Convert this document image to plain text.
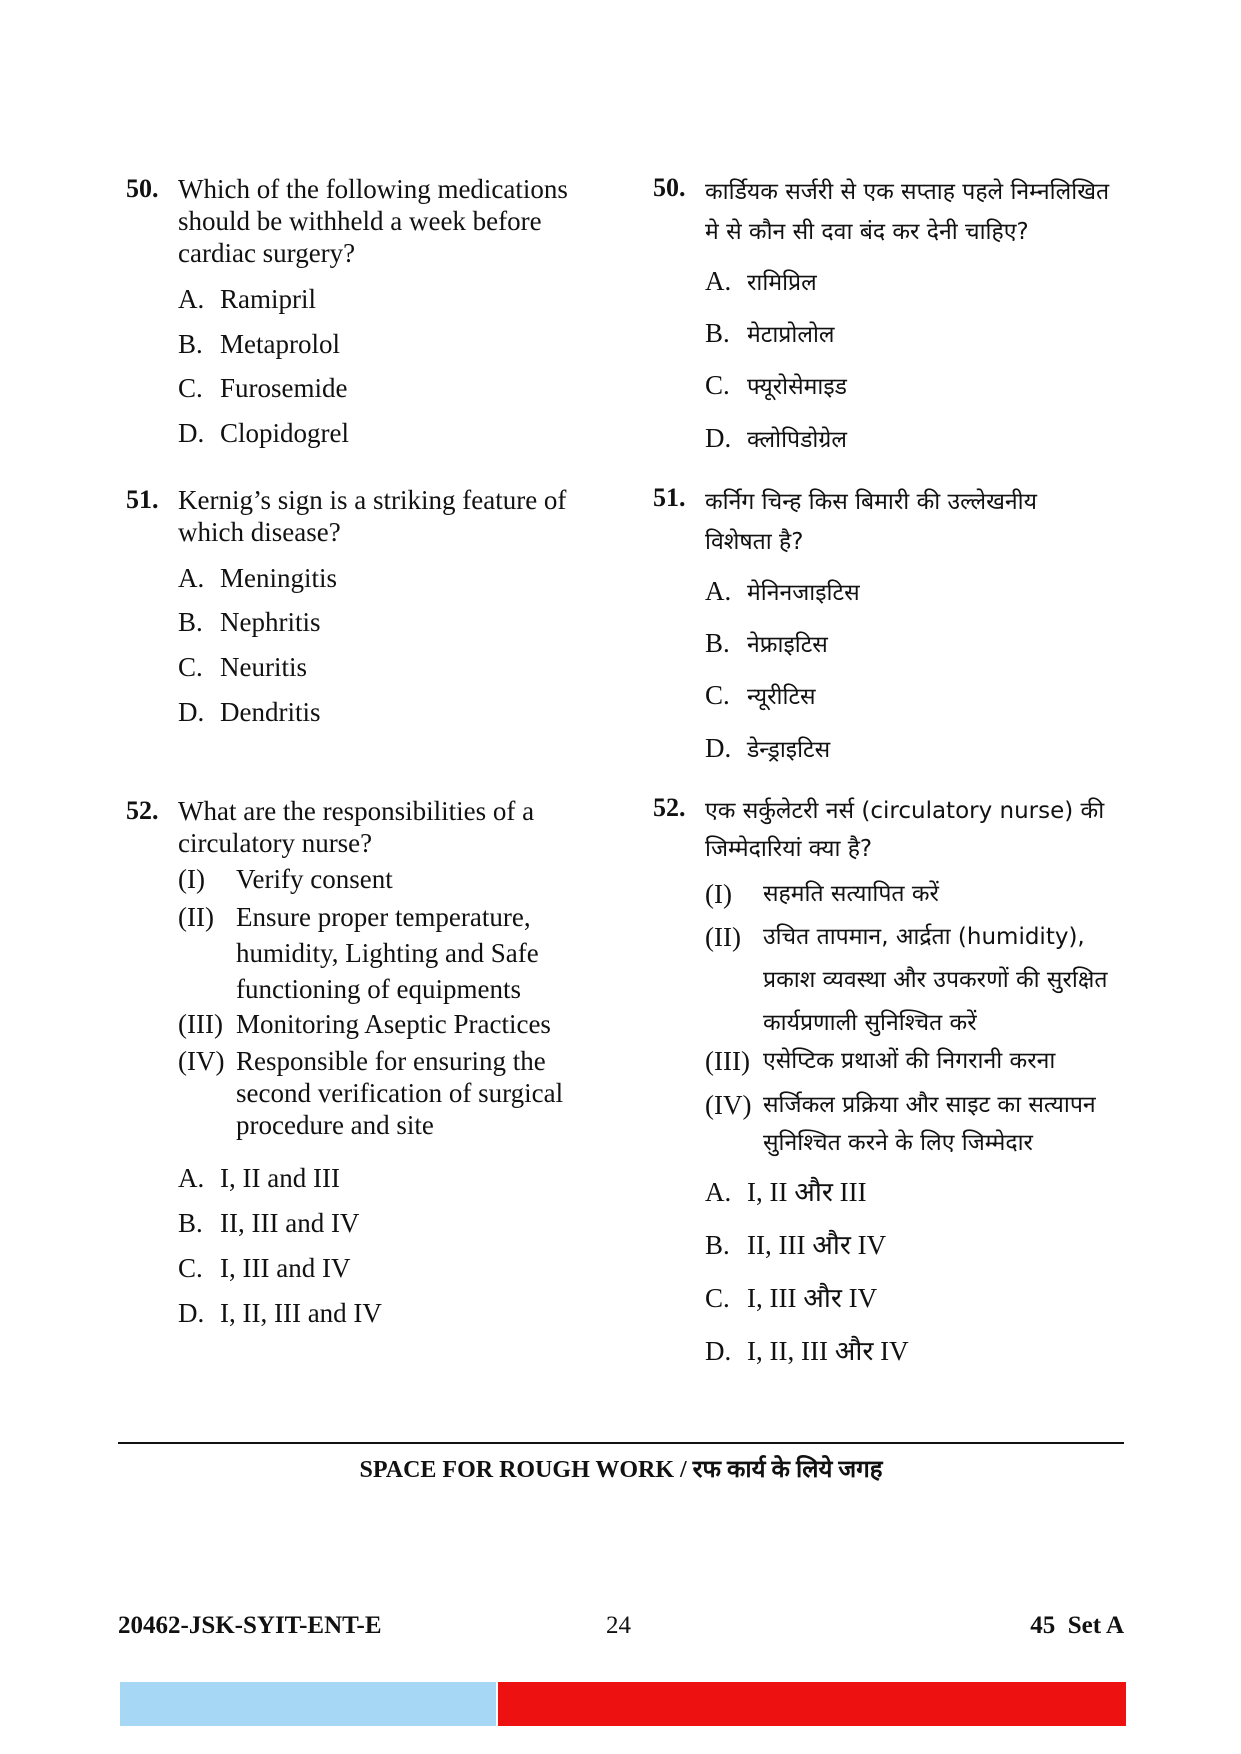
50. Which of the following medications should be withheld a week before cardiac surgery?
A. Ramipril
B. Metaprolol
C. Furosemide
D. Clopidogrel
51. Kernig’s sign is a striking feature of which disease?
A. Meningitis
B. Nephritis
C. Neuritis
D. Dendritis
52. What are the responsibilities of a circulatory nurse?
(I) Verify consent
(II) Ensure proper temperature, humidity, Lighting and Safe functioning of equipments
(III) Monitoring Aseptic Practices
(IV) Responsible for ensuring the second verification of surgical procedure and site
A. I, II and III
B. II, III and IV
C. I, III and IV
D. I, II, III and IV
50. कार्डियक सर्जरी से एक सप्ताह पहले निम्नलिखित मे से कौन सी दवा बंद कर देनी चाहिए?
A. रामिप्रिल
B. मेटाप्रोलोल
C. फ्यूरोसेमाइड
D. क्लोपिडोग्रेल
51. कर्निग चिन्ह किस बिमारी की उल्लेखनीय विशेषता है?
A. मेनिनजाइटिस
B. नेफ्राइटिस
C. न्यूरीटिस
D. डेन्ड्राइटिस
52. एक सर्कुलेटरी नर्स (circulatory nurse) की जिम्मेदारियां क्या है?
(I) सहमति सत्यापित करें
(II) उचित तापमान, आर्द्रता (humidity), प्रकाश व्यवस्था और उपकरणों की सुरक्षित कार्यप्रणाली सुनिश्चित करें
(III) एसेप्टिक प्रथाओं की निगरानी करना
(IV) सर्जिकल प्रक्रिया और साइट का सत्यापन सुनिश्चित करने के लिए जिम्मेदार
A. I, II और III
B. II, III और IV
C. I, III और IV
D. I, II, III और IV
SPACE FOR ROUGH WORK / रफ कार्य के लिये जगह
20462-JSK-SYIT-ENT-E	24	45  Set A
